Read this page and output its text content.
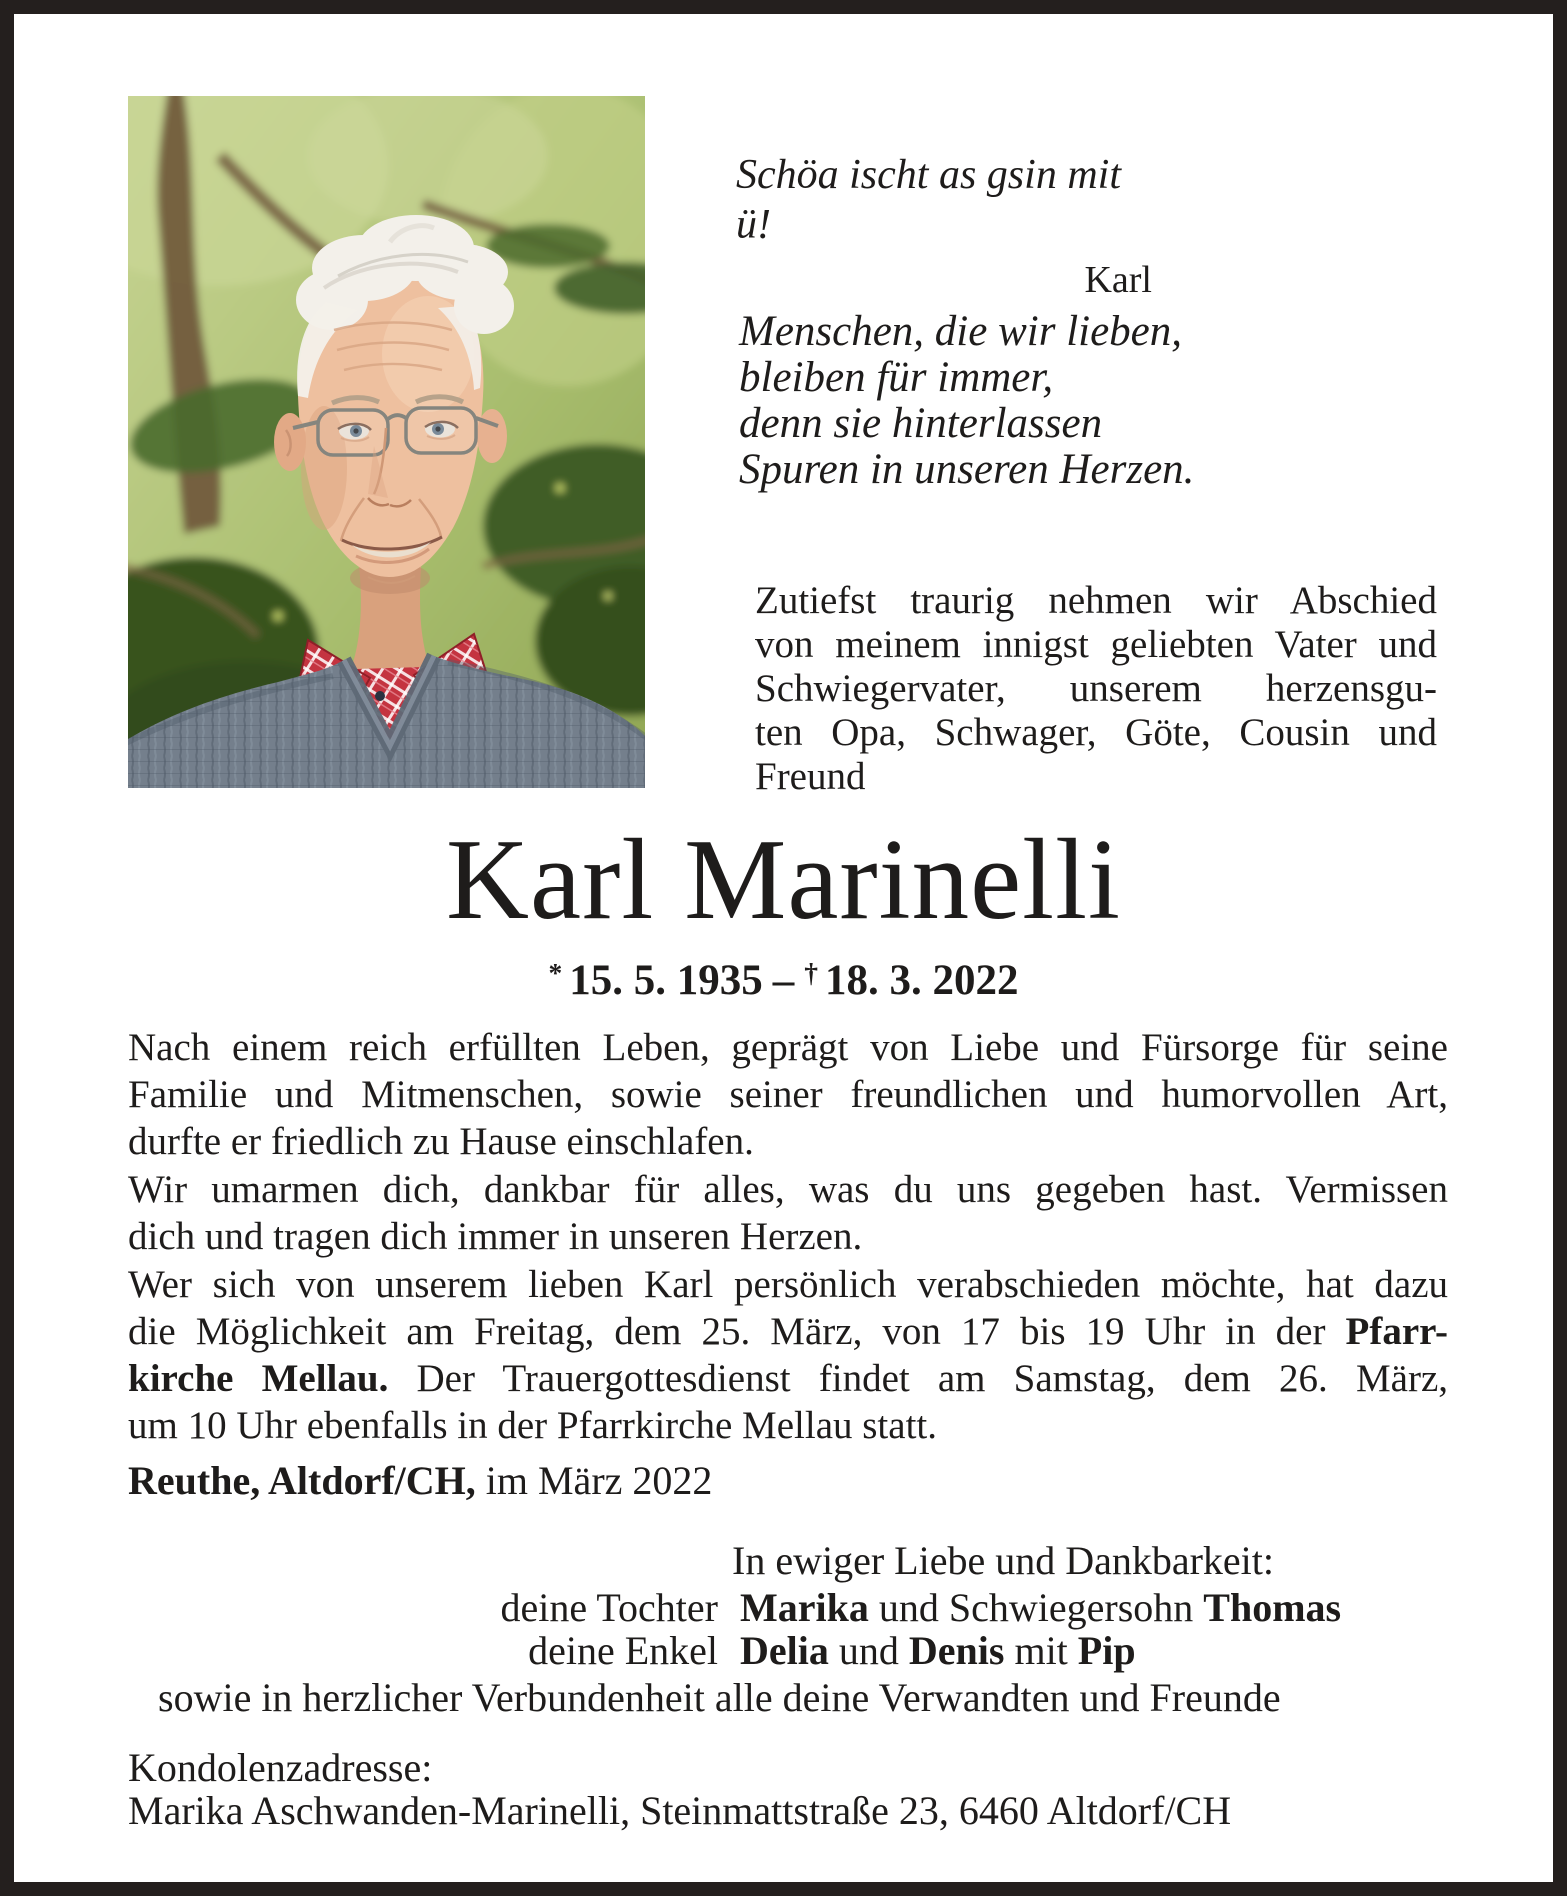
Schöa ischt as gsin mit ü!
Karl
Menschen, die wir lieben,
bleiben für immer,
denn sie hinterlassen
Spuren in unseren Herzen.
Zutiefst traurig nehmen wir Abschied
von meinem innigst geliebten Vater und
Schwiegervater, unserem herzensgu-
ten Opa, Schwager, Göte, Cousin und
Freund
Karl Marinelli
* 15. 5. 1935 – † 18. 3. 2022
Nach einem reich erfüllten Leben, geprägt von Liebe und Fürsorge für seine
Familie und Mitmenschen, sowie seiner freundlichen und humorvollen Art,
durfte er friedlich zu Hause einschlafen.
Wir umarmen dich, dankbar für alles, was du uns gegeben hast. Vermissen
dich und tragen dich immer in unseren Herzen.
Wer sich von unserem lieben Karl persönlich verabschieden möchte, hat dazu
die Möglichkeit am Freitag, dem 25. März, von 17 bis 19 Uhr in der Pfarr-
kirche Mellau. Der Trauergottesdienst findet am Samstag, dem 26. März,
um 10 Uhr ebenfalls in der Pfarrkirche Mellau statt.
Reuthe, Altdorf/CH, im März 2022
In ewiger Liebe und Dankbarkeit:
deine Tochter Marika und Schwiegersohn Thomas
deine Enkel Delia und Denis mit Pip
sowie in herzlicher Verbundenheit alle deine Verwandten und Freunde
Kondolenzadresse:
Marika Aschwanden-Marinelli, Steinmattstraße 23, 6460 Altdorf/CH
